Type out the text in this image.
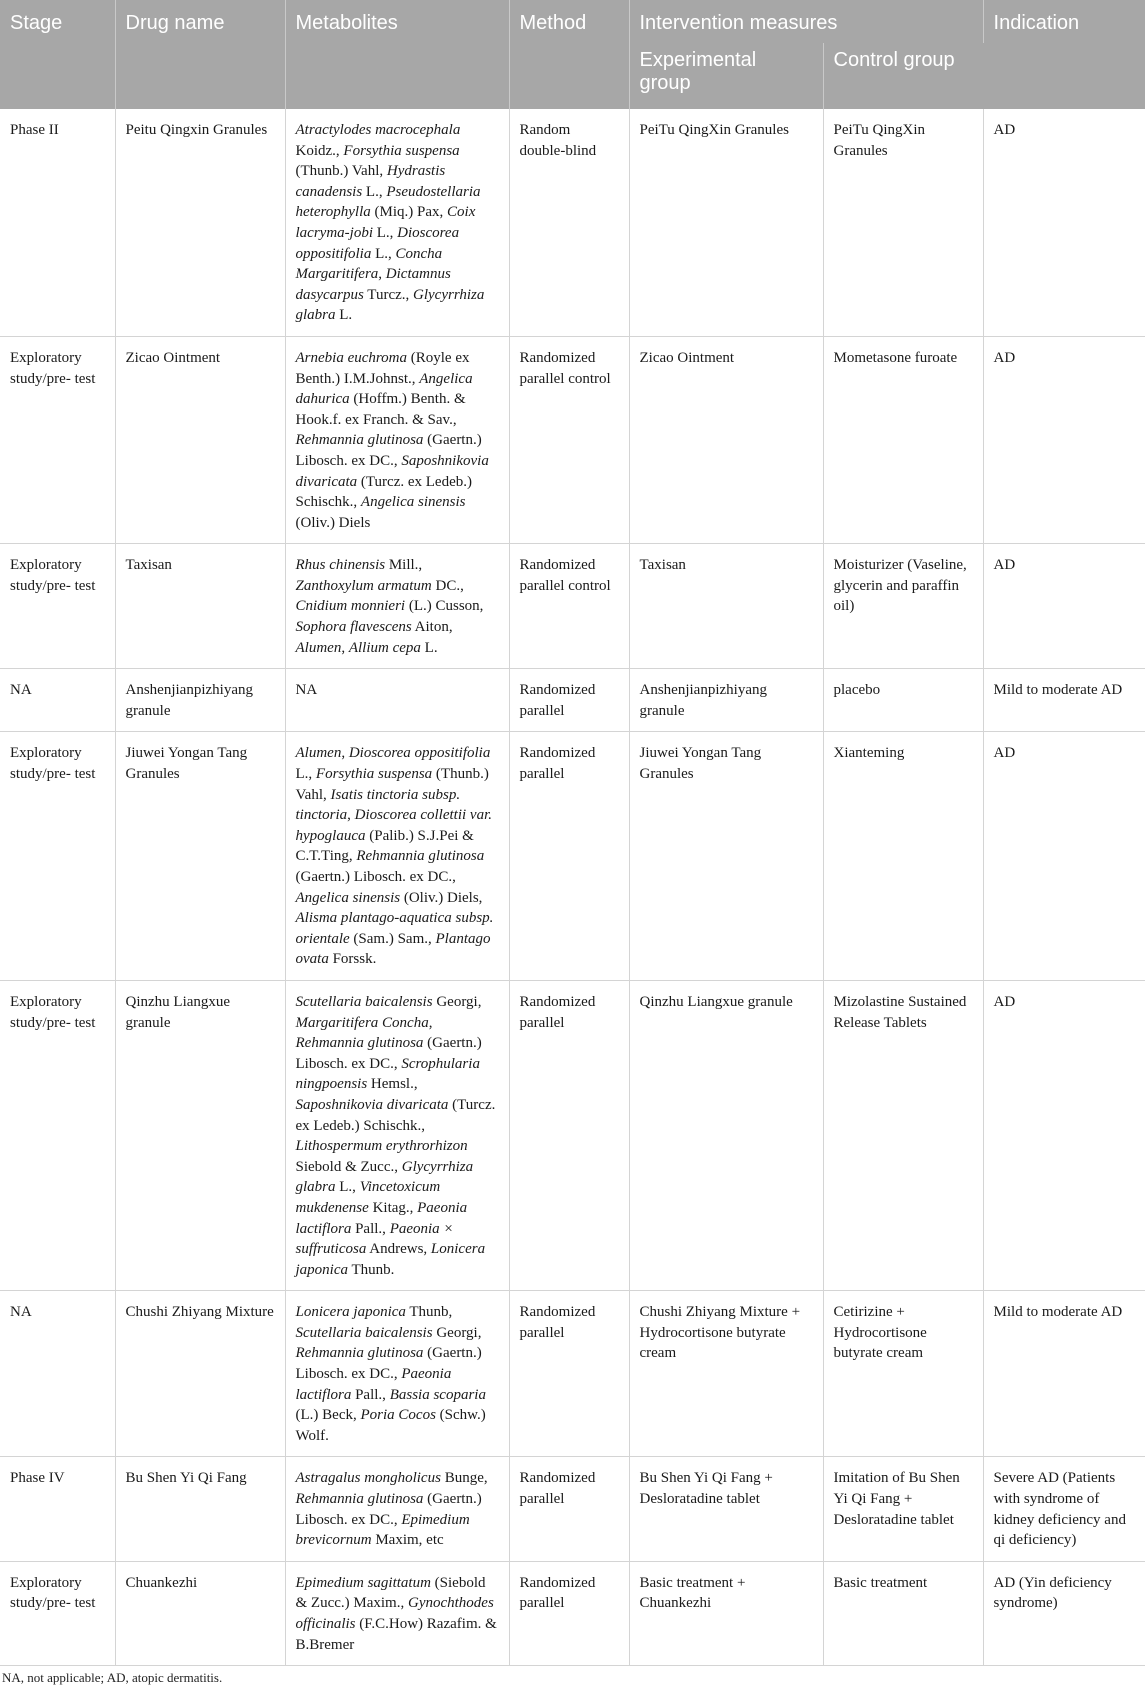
Stage	Drug name	Metabolites	Method	Intervention measures		Indication
				Experimental group	Control group	
Phase II	Peitu Qingxin Granules	Atractylodes macrocephala Koidz., Forsythia suspensa (Thunb.) Vahl, Hydrastis canadensis L., Pseudostellaria heterophylla (Miq.) Pax, Coix lacryma-jobi L., Dioscorea oppositifolia L., Concha Margaritifera, Dictamnus dasycarpus Turcz., Glycyrrhiza glabra L.	Random double-blind	PeiTu QingXin Granules	PeiTu QingXin Granules	AD
Exploratory study/pre- test	Zicao Ointment	Arnebia euchroma (Royle ex Benth.) I.M.Johnst., Angelica dahurica (Hoffm.) Benth. & Hook.f. ex Franch. & Sav., Rehmannia glutinosa (Gaertn.) Libosch. ex DC., Saposhnikovia divaricata (Turcz. ex Ledeb.) Schischk., Angelica sinensis (Oliv.) Diels	Randomized parallel control	Zicao Ointment	Mometasone furoate	AD
Exploratory study/pre- test	Taxisan	Rhus chinensis Mill., Zanthoxylum armatum DC., Cnidium monnieri (L.) Cusson, Sophora flavescens Aiton, Alumen, Allium cepa L.	Randomized parallel control	Taxisan	Moisturizer (Vaseline, glycerin and paraffin oil)	AD
NA	Anshenjianpizhiyang granule	NA	Randomized parallel	Anshenjianpizhiyang granule	placebo	Mild to moderate AD
Exploratory study/pre- test	Jiuwei Yongan Tang Granules	Alumen, Dioscorea oppositifolia L., Forsythia suspensa (Thunb.) Vahl, Isatis tinctoria subsp. tinctoria, Dioscorea collettii var. hypoglauca (Palib.) S.J.Pei & C.T.Ting, Rehmannia glutinosa (Gaertn.) Libosch. ex DC., Angelica sinensis (Oliv.) Diels, Alisma plantago-aquatica subsp. orientale (Sam.) Sam., Plantago ovata Forssk.	Randomized parallel	Jiuwei Yongan Tang Granules	Xianteming	AD
Exploratory study/pre- test	Qinzhu Liangxue granule	Scutellaria baicalensis Georgi, Margaritifera Concha, Rehmannia glutinosa (Gaertn.) Libosch. ex DC., Scrophularia ningpoensis Hemsl., Saposhnikovia divaricata (Turcz. ex Ledeb.) Schischk., Lithospermum erythrorhizon Siebold & Zucc., Glycyrrhiza glabra L., Vincetoxicum mukdenense Kitag., Paeonia lactiflora Pall., Paeonia × suffruticosa Andrews, Lonicera japonica Thunb.	Randomized parallel	Qinzhu Liangxue granule	Mizolastine Sustained Release Tablets	AD
NA	Chushi Zhiyang Mixture	Lonicera japonica Thunb, Scutellaria baicalensis Georgi, Rehmannia glutinosa (Gaertn.) Libosch. ex DC., Paeonia lactiflora Pall., Bassia scoparia (L.) Beck, Poria Cocos (Schw.) Wolf.	Randomized parallel	Chushi Zhiyang Mixture + Hydrocortisone butyrate cream	Cetirizine + Hydrocortisone butyrate cream	Mild to moderate AD
Phase IV	Bu Shen Yi Qi Fang	Astragalus mongholicus Bunge, Rehmannia glutinosa (Gaertn.) Libosch. ex DC., Epimedium brevicornum Maxim, etc	Randomized parallel	Bu Shen Yi Qi Fang + Desloratadine tablet	Imitation of Bu Shen Yi Qi Fang + Desloratadine tablet	Severe AD (Patients with syndrome of kidney deficiency and qi deficiency)
Exploratory study/pre- test	Chuankezhi	Epimedium sagittatum (Siebold & Zucc.) Maxim., Gynochthodes officinalis (F.C.How) Razafim. & B.Bremer	Randomized parallel	Basic treatment + Chuankezhi	Basic treatment	AD (Yin deficiency syndrome)
NA, not applicable; AD, atopic dermatitis.
